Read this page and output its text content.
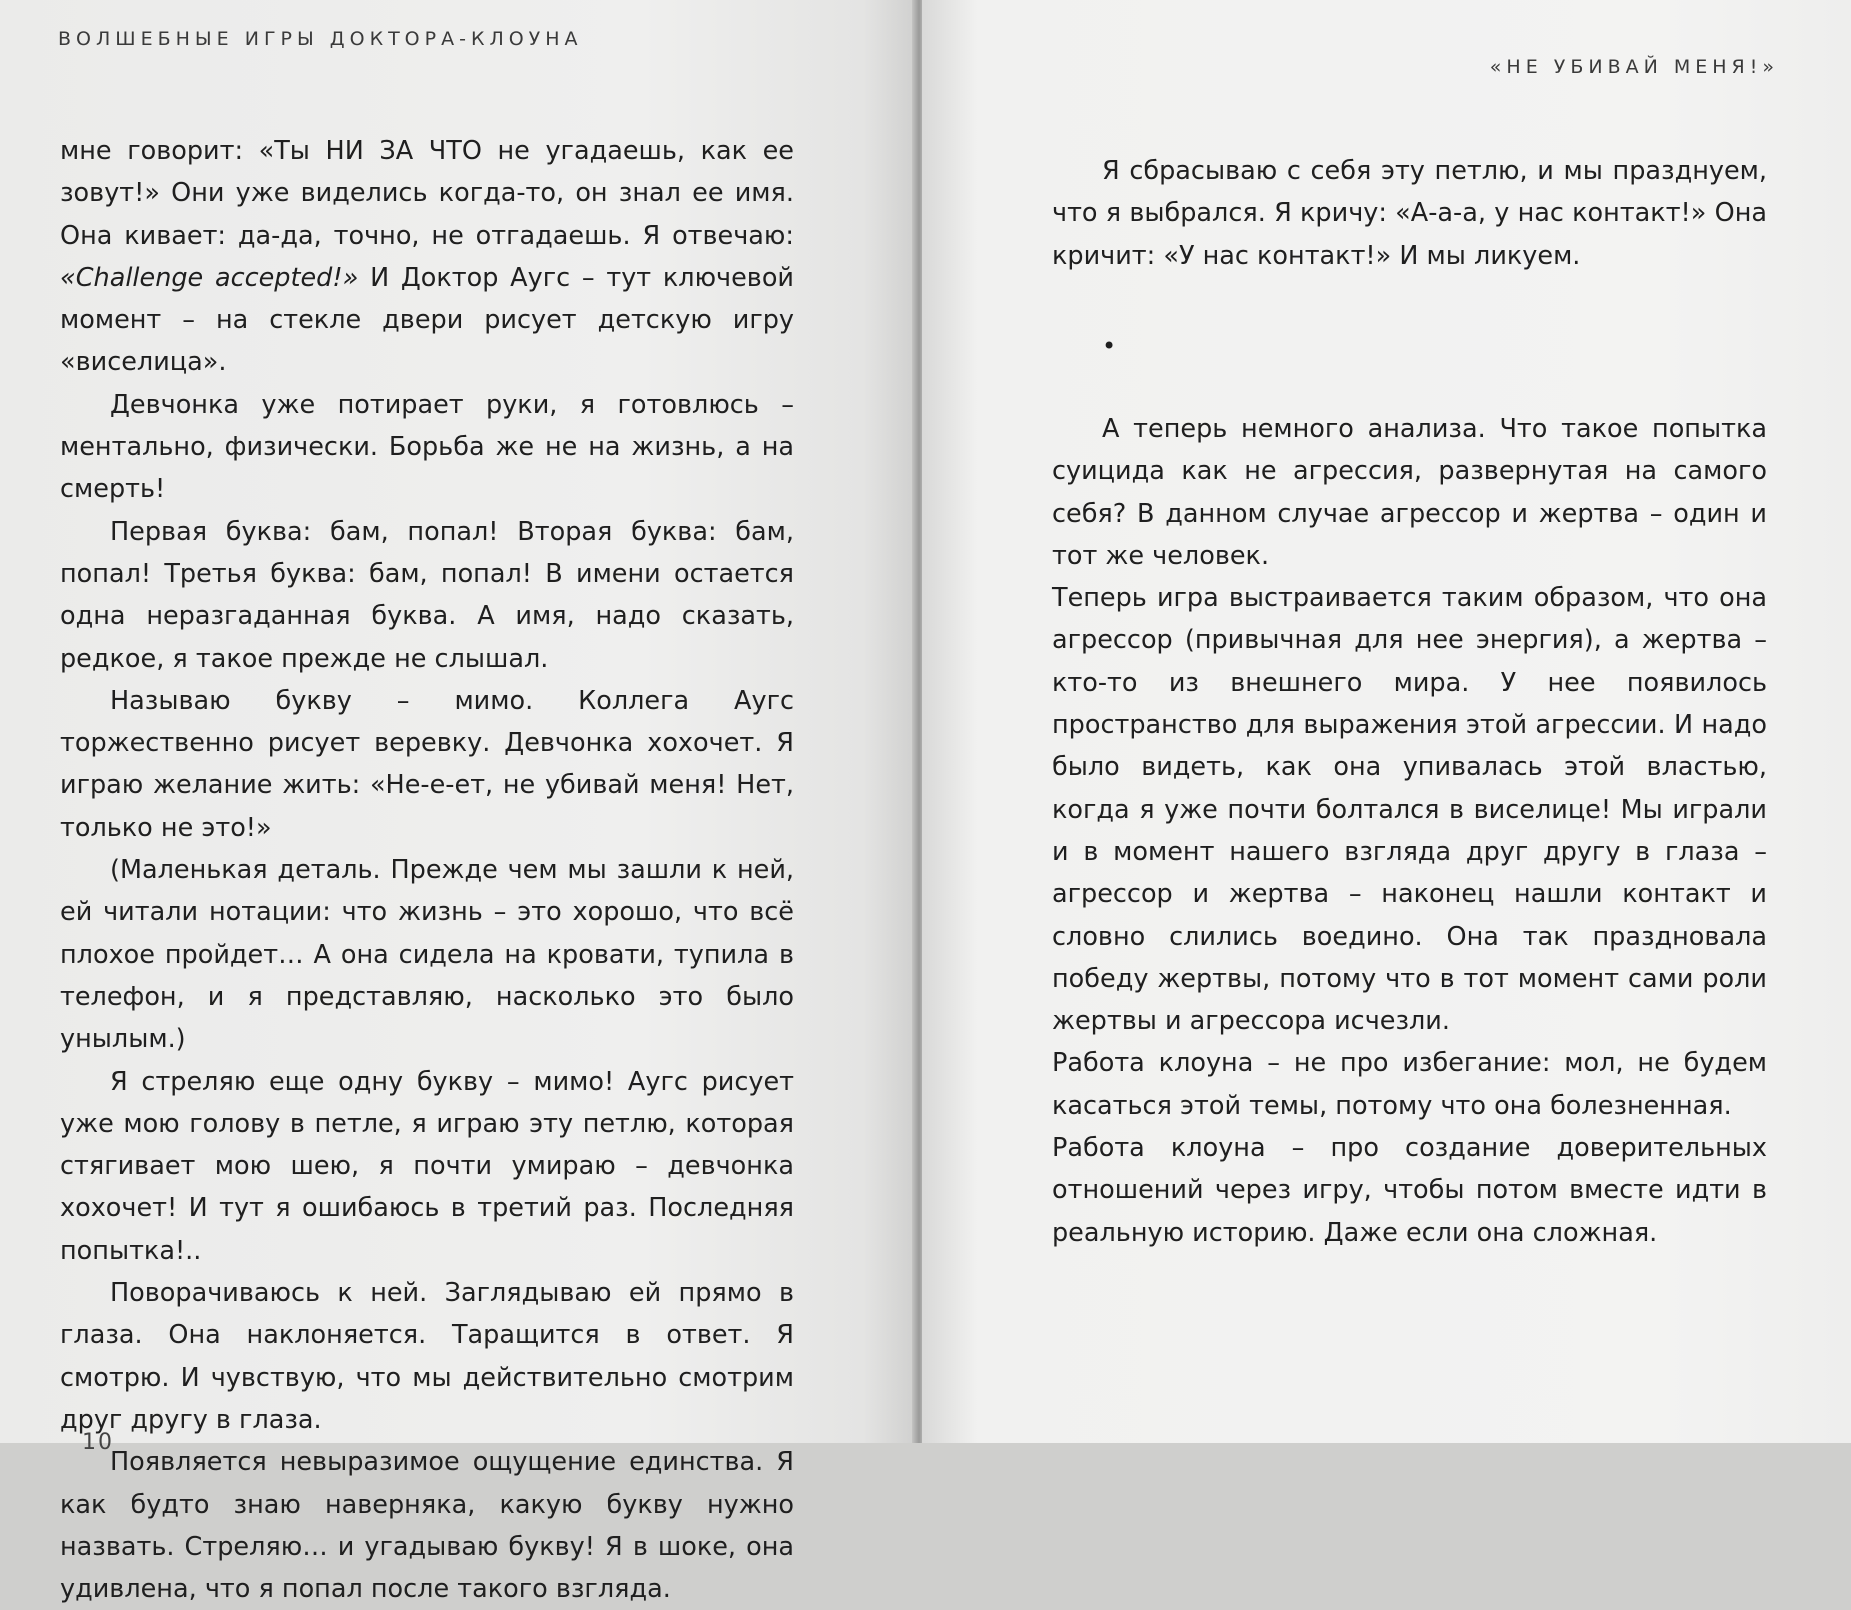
ВОЛШЕБНЫЕ ИГРЫ ДОКТОРА-КЛОУНА

мне говорит: «Ты НИ ЗА ЧТО не угадаешь, как ее зовут!» Они уже виделись когда-то, он знал ее имя. Она кивает: да-да, точно, не отгадаешь. Я отвечаю: «Challenge accepted!» И Доктор Аугс – тут ключевой момент – на стекле двери рисует детскую игру «виселица».

Девчонка уже потирает руки, я готовлюсь – ментально, физически. Борьба же не на жизнь, а на смерть!

Первая буква: бам, попал! Вторая буква: бам, попал! Третья буква: бам, попал! В имени остается одна неразгаданная буква. А имя, надо сказать, редкое, я такое прежде не слышал.

Называю букву – мимо. Коллега Аугс торжественно рисует веревку. Девчонка хохочет. Я играю желание жить: «Не-е-ет, не убивай меня! Нет, только не это!»

(Маленькая деталь. Прежде чем мы зашли к ней, ей читали нотации: что жизнь – это хорошо, что всё плохое пройдет… А она сидела на кровати, тупила в телефон, и я представляю, насколько это было унылым.)

Я стреляю еще одну букву – мимо! Аугс рисует уже мою голову в петле, я играю эту петлю, которая стягивает мою шею, я почти умираю – девчонка хохочет! И тут я ошибаюсь в третий раз. Последняя попытка!..

Поворачиваюсь к ней. Заглядываю ей прямо в глаза. Она наклоняется. Таращится в ответ. Я смотрю. И чувствую, что мы действительно смотрим друг другу в глаза.

Появляется невыразимое ощущение единства. Я как будто знаю наверняка, какую букву нужно назвать. Стреляю… и угадываю букву! Я в шоке, она удивлена, что я попал после такого взгляда.

10
«НЕ УБИВАЙ МЕНЯ!»

Я сбрасываю с себя эту петлю, и мы празднуем, что я выбрался. Я кричу: «А-а-а, у нас контакт!» Она кричит: «У нас контакт!» И мы ликуем.

•

А теперь немного анализа. Что такое попытка суицида как не агрессия, развернутая на самого себя? В данном случае агрессор и жертва – один и тот же человек.

Теперь игра выстраивается таким образом, что она агрессор (привычная для нее энергия), а жертва – кто-то из внешнего мира. У нее появилось пространство для выражения этой агрессии. И надо было видеть, как она упивалась этой властью, когда я уже почти болтался в виселице! Мы играли и в момент нашего взгляда друг другу в глаза – агрессор и жертва – наконец нашли контакт и словно слились воедино. Она так праздновала победу жертвы, потому что в тот момент сами роли жертвы и агрессора исчезли.

Работа клоуна – не про избегание: мол, не будем касаться этой темы, потому что она болезненная.

Работа клоуна – про создание доверительных отношений через игру, чтобы потом вместе идти в реальную историю. Даже если она сложная.
